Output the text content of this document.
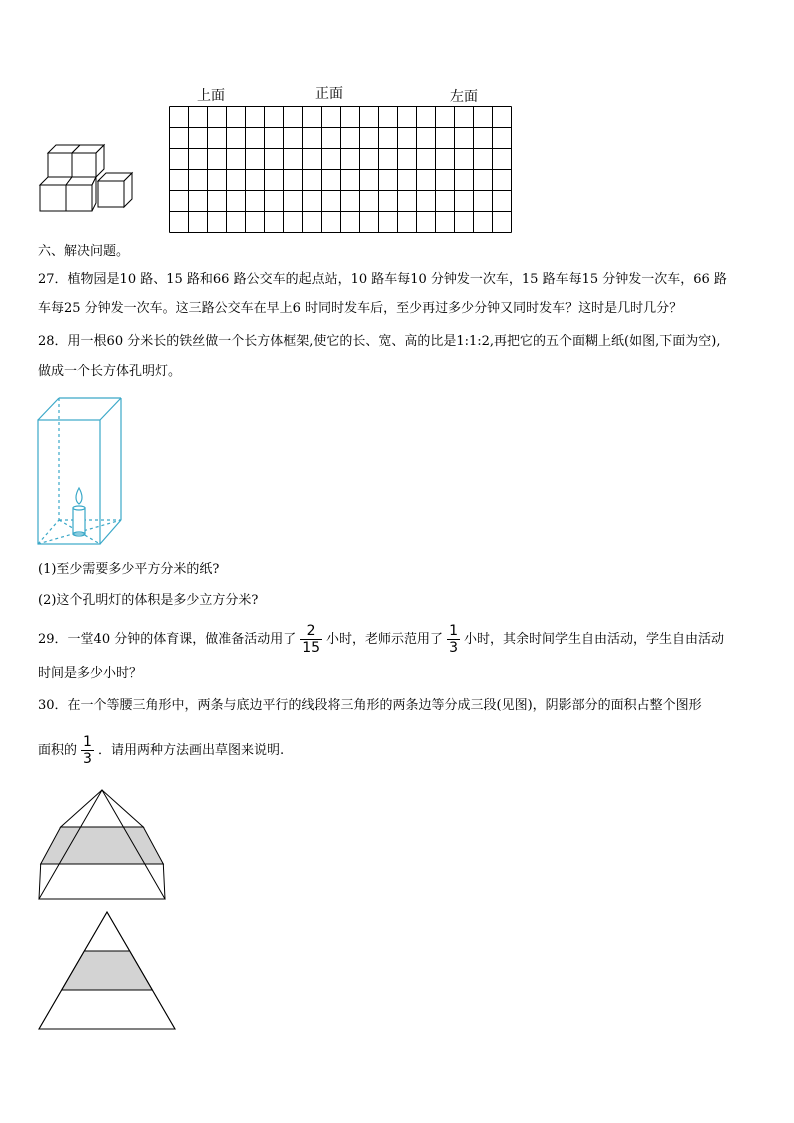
上面	正面	左面
六、解决问题。
27．植物园是10 路、15 路和66 路公交车的起点站，10 路车每10 分钟发一次车，15 路车每15 分钟发一次车，66 路
车每25 分钟发一次车。这三路公交车在早上6 时同时发车后，至少再过多少分钟又同时发车？这时是几时几分？
28．用一根60 分米长的铁丝做一个长方体框架,使它的长、宽、高的比是1:1:2,再把它的五个面糊上纸(如图,下面为空),
做成一个长方体孔明灯。
(1)至少需要多少平方分米的纸?
(2)这个孔明灯的体积是多少立方分米?
29．一堂40 分钟的体育课，做准备活动用了 $\frac{2}{15}$ 小时，老师示范用了 $\frac{1}{3}$ 小时，其余时间学生自由活动，学生自由活动
时间是多少小时？
30．在一个等腰三角形中，两条与底边平行的线段将三角形的两条边等分成三段(见图)，阴影部分的面积占整个图形
面积的 $\frac{1}{3}$ ．请用两种方法画出草图来说明.
